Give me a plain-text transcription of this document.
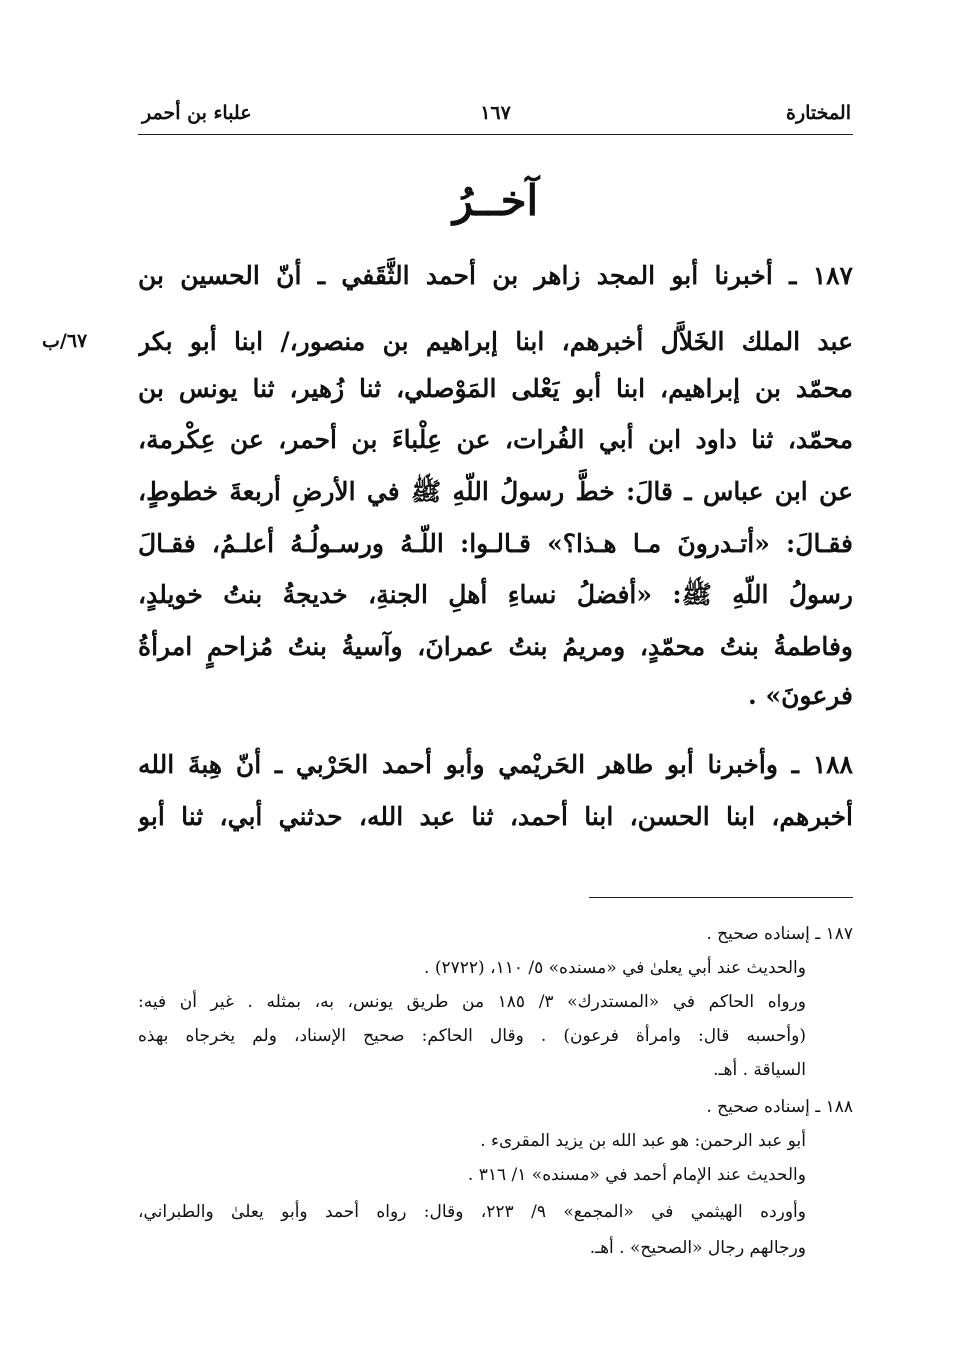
١٦٧	المختارة
علباء بن أحمر
آخــرُ
٦٧/ب
١٨٧ ـ أخبرنا أبو المجد زاهر بن أحمد الثَّقَفي ـ أنّ الحسين بن
عبد الملك الخَلاَّل أخبرهم، ابنا إبراهيم بن منصور،/ ابنا أبو بكر
محمّد بن إبراهيم، ابنا أبو يَعْلى المَوْصلي، ثنا زُهير، ثنا يونس بن
محمّد، ثنا داود ابن أبي الفُرات، عن عِلْباءَ بن أحمر، عن عِكْرمة،
عن ابن عباس ـ قالَ: خطَّ رسولُ اللّهِ ﷺ في الأرضِ أربعةَ خطوطٍ،
فقـالَ: «أتـدرونَ مـا هـذا؟» قـالـوا: اللّـهُ ورسـولُـهُ أعلـمُ، فقـالَ
رسولُ اللّهِ ﷺ: «أفضلُ نساءِ أهلِ الجنةِ، خديجةُ بنتُ خويلدٍ،
وفاطمةُ بنتُ محمّدٍ، ومريمُ بنتُ عمرانَ، وآسيةُ بنتُ مُزاحمٍ امرأةُ
فرعونَ» .
١٨٨ ـ وأخبرنا أبو طاهر الحَريْمي وأبو أحمد الحَرْبي ـ أنّ هِبةَ الله
أخبرهم، ابنا الحسن، ابنا أحمد، ثنا عبد الله، حدثني أبي، ثنا أبو
١٨٧ ـ إسناده صحيح .
والحديث عند أبي يعلىٰ في «مسنده» ٥/ ١١٠، (٢٧٢٢) .
ورواه الحاكم في «المستدرك» ٣/ ١٨٥ من طريق يونس، به، بمثله . غير أن فيه:
(وأحسبه قال: وامرأة فرعون) . وقال الحاكم: صحيح الإسناد، ولم يخرجاه بهذه
السياقة . أهـ.
١٨٨ ـ إسناده صحيح .
أبو عبد الرحمن: هو عبد الله بن يزيد المقرىء .
والحديث عند الإمام أحمد في «مسنده» ١/ ٣١٦ .
وأورده الهيثمي في «المجمع» ٩/ ٢٢٣، وقال: رواه أحمد وأبو يعلىٰ والطبراني،
ورجالهم رجال «الصحيح» . أهـ.
